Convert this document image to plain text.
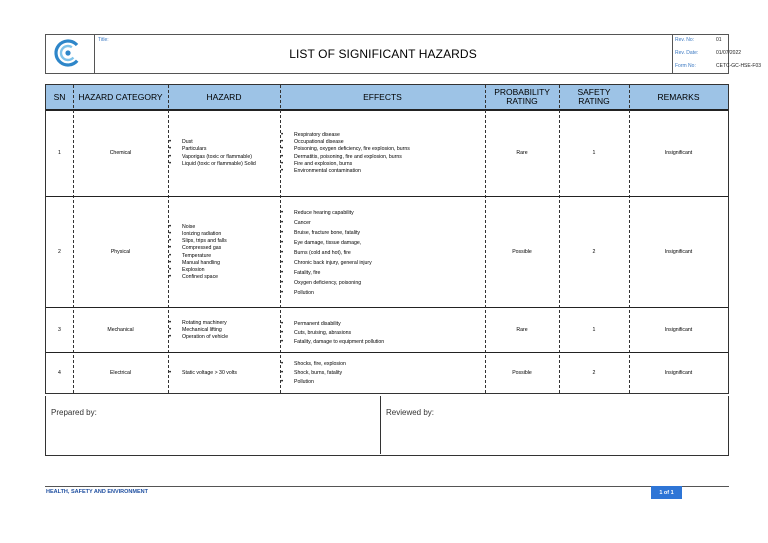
Title:
LIST OF SIGNIFICANT HAZARDS
Rev. No:	01
Rev. Date:	01/07/2022
Form No:	CETC-GC-HSE-F03
SN	HAZARD CATEGORY	HAZARD	EFFECTS	PROBABILITY RATING
SAFETY RATING	REMARKS
1	Chemical
• Dust
• Particulars
• Vaporigas (toxic or flammable)
• Liquid (toxic or flammable) Solid
• Respiratory disease
• Occupational disease
• Poisoning, oxygen deficiency, fire explosion, burns
• Dermatitis, poisoning, fire and explosion, burns
• Fire and explosion, burns
• Environmental contamination
Rare	1	Insignificant
2	Physical
• Noise
• Ionizing radiation
• Slips, trips and falls
• Compressed gas
• Temperature
• Manual handling
• Explosion
• Confined space
• Reduce hearing capability
• Cancer
• Bruise, fracture bone, fatality
• Eye damage, tissue damage,
• Burns (cold and hot), fire
• Chronic back injury, general injury
• Fatality, fire
• Oxygen deficiency, poisoning
• Pollution
Possible	2	Insignificant
3	Mechanical
• Rotating machinery
• Mechanical lifting
• Operation of vehicle
• Permanent disability
• Cuts, bruising, abrasions
• Fatality, damage to equipment pollution
Rare	1	Insignificant
4	Electrical
•	Static voltage > 30 volts
• Shocks, fire, explosion
• Shock, burns, fatality
• Pollution
Possible	2	Insignificant
Prepared by:	Reviewed by:
HEALTH, SAFETY AND ENVIRONMENT	1 of 1
